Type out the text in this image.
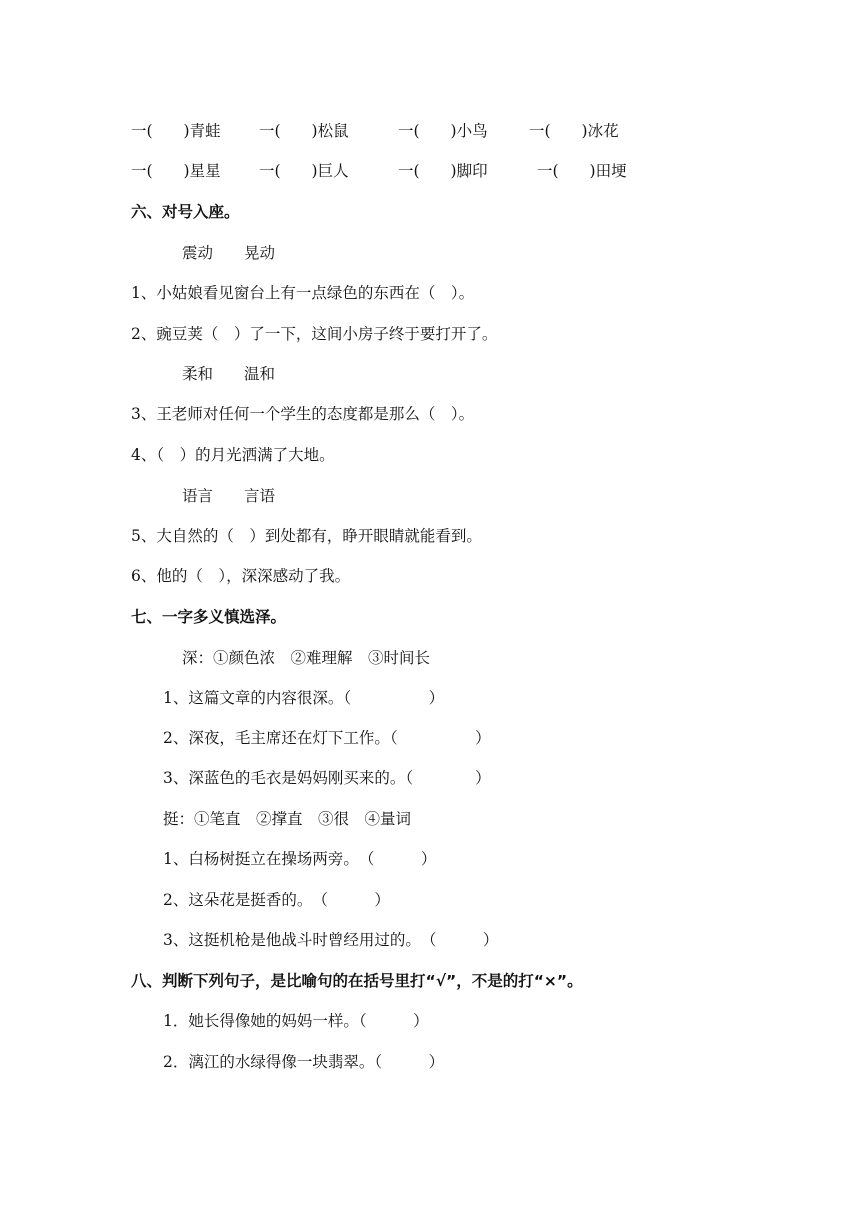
一(　　)青蛙 一(　　)松鼠	一(　　)小鸟	一(　　)冰花
一(　　)星星 一(　　)巨人	一(　　)脚印	一(　　)田埂
六、对号入座。
震动　　晃动
1、小姑娘看见窗台上有一点绿色的东西在（　）。
2、豌豆荚（　）了一下，这间小房子终于要打开了。
柔和　　温和
3、王老师对任何一个学生的态度都是那么（　）。
4、（　）的月光洒满了大地。
语言　　言语
5、大自然的（　）到处都有，睁开眼睛就能看到。
6、他的（　），深深感动了我。
七、一字多义慎选泽。
深：①颜色浓　②难理解　③时间长
1、这篇文章的内容很深。（　　　　　）
2、深夜，毛主席还在灯下工作。（　　　　　）
3、深蓝色的毛衣是妈妈刚买来的。（　　　　）
挺：①笔直　②撑直　③很　④量词
1、白杨树挺立在操场两旁。　（　　　）
2、这朵花是挺香的。　（　　　）
3、这挺机枪是他战斗时曾经用过的。　（　　　）
八、判断下列句子，是比喻句的在括号里打“√”，不是的打“×”。
1．她长得像她的妈妈一样。（　　　）
2．漓江的水绿得像一块翡翠。（　　　）
